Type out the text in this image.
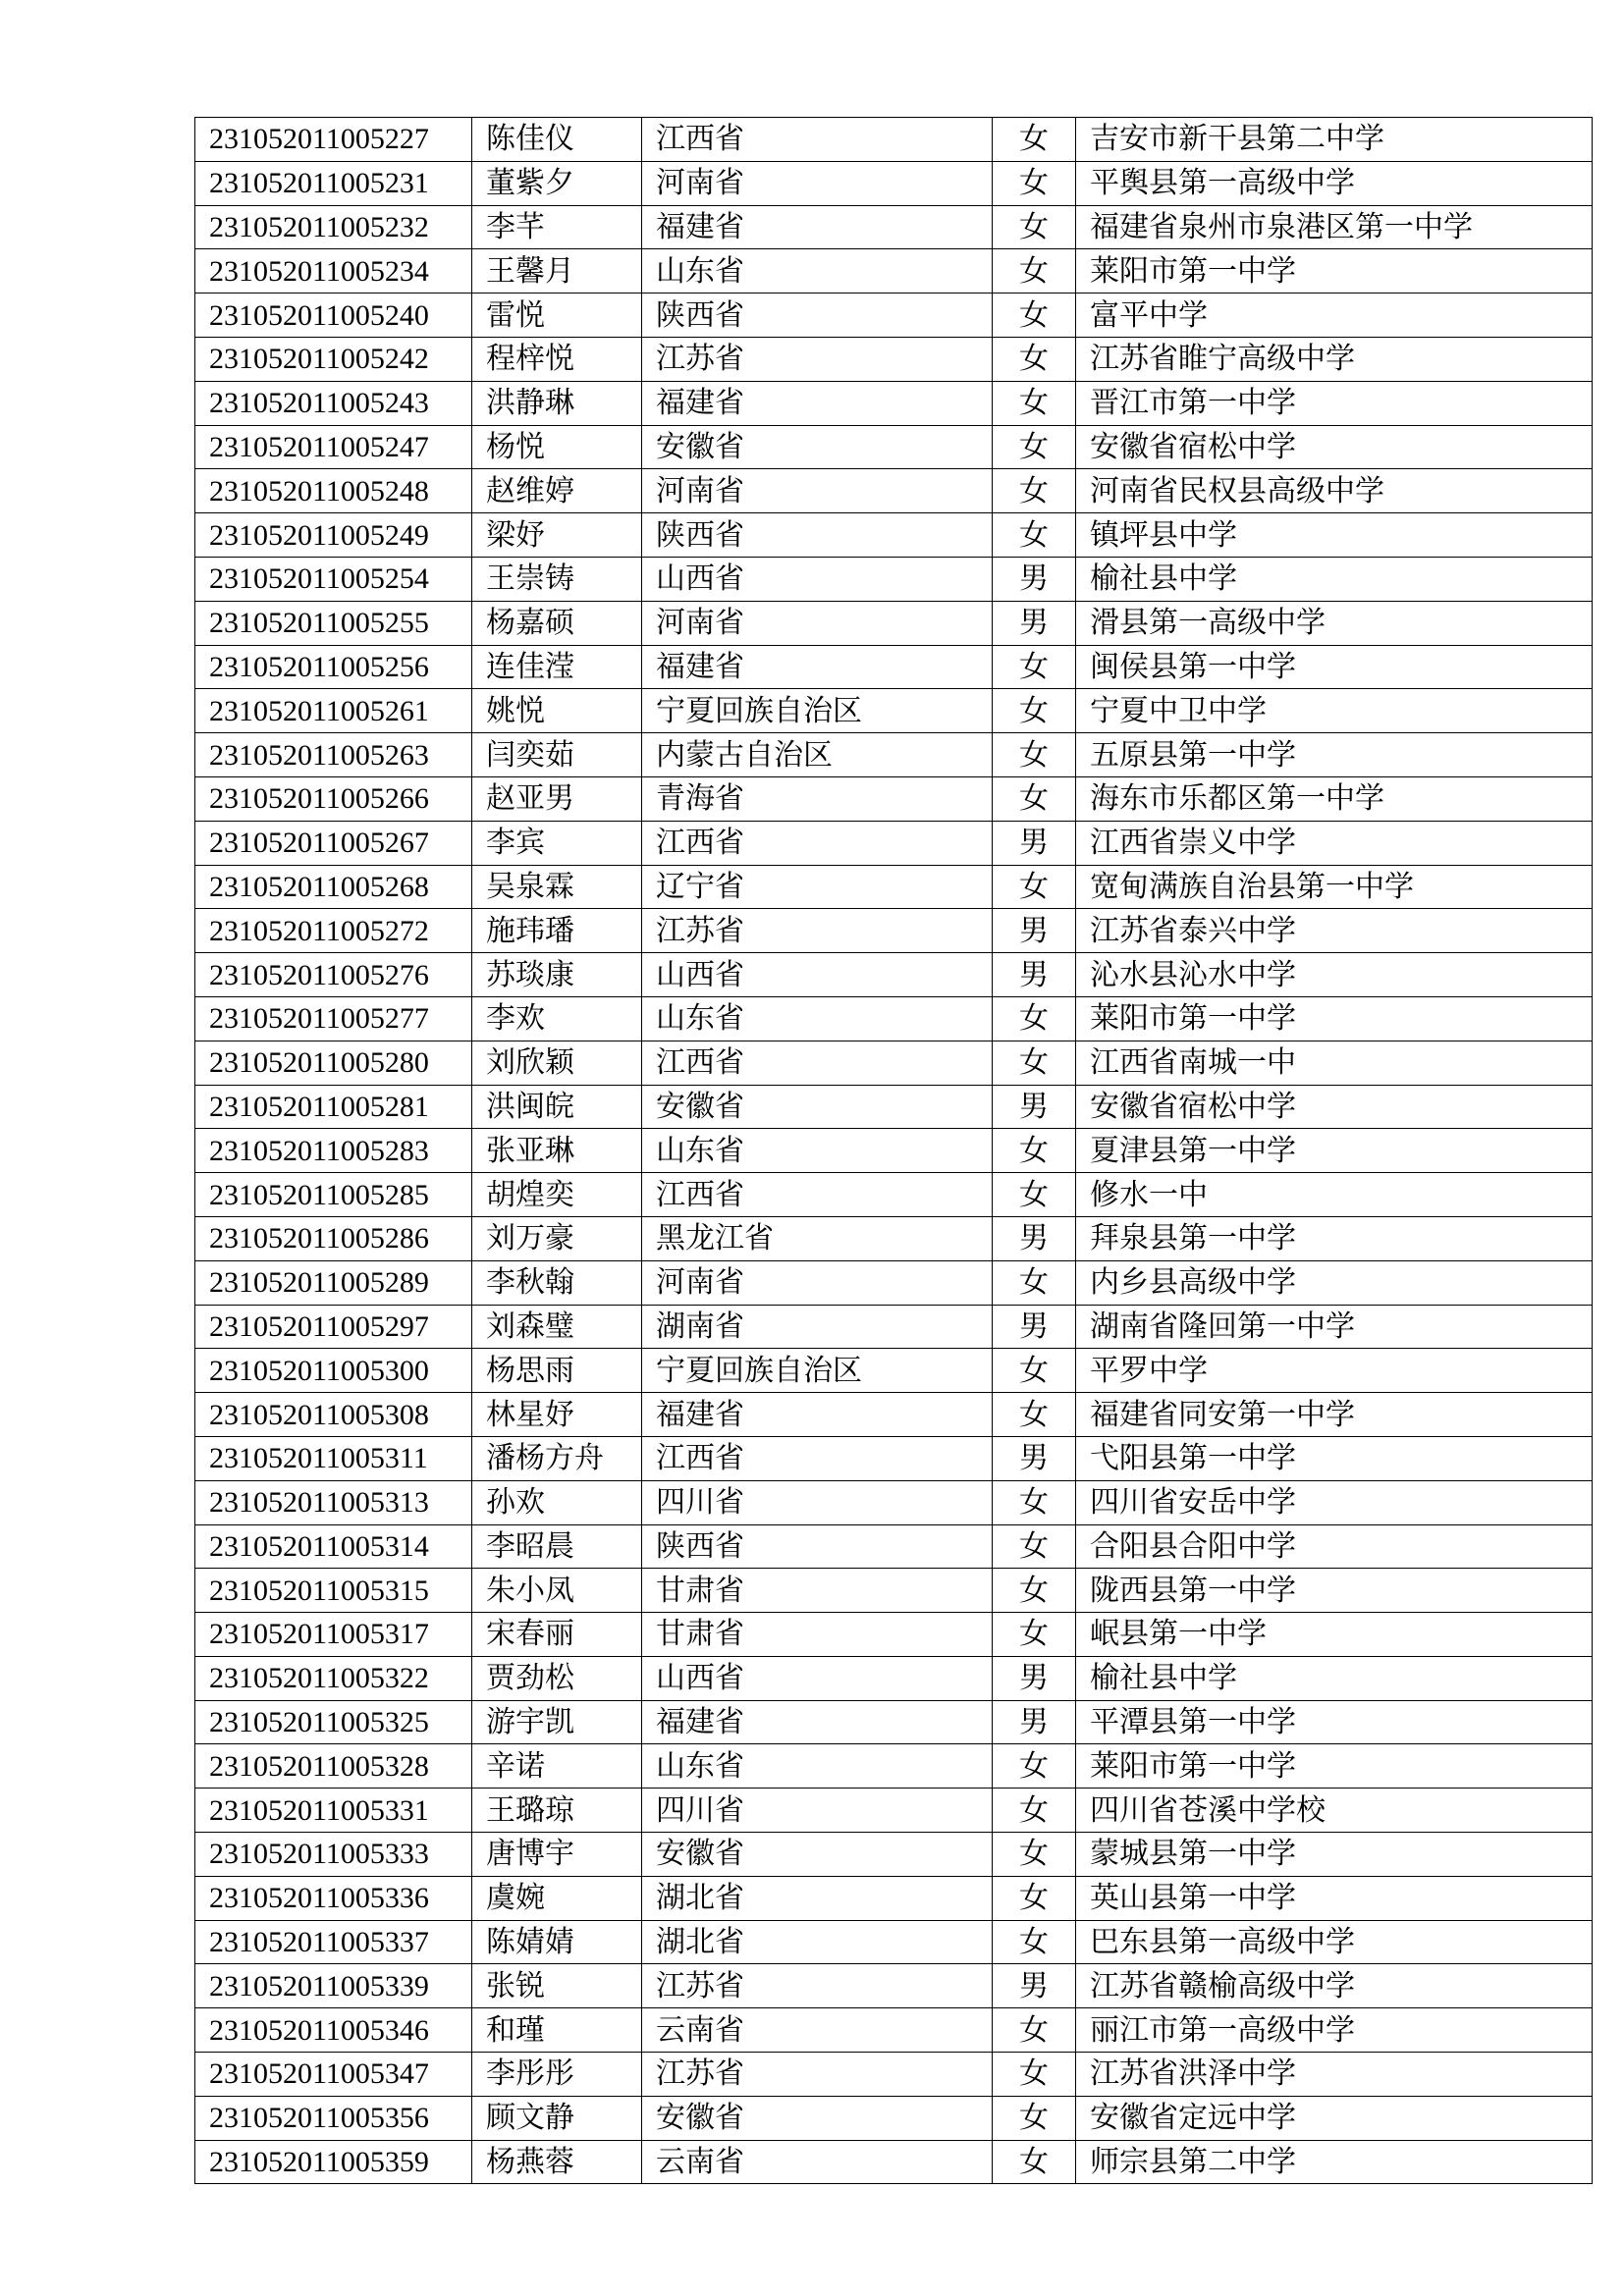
231052011005227	陈佳仪	江西省	女	吉安市新干县第二中学
231052011005231	董紫夕	河南省	女	平舆县第一高级中学
231052011005232	李芊	福建省	女	福建省泉州市泉港区第一中学
231052011005234	王馨月	山东省	女	莱阳市第一中学
231052011005240	雷悦	陕西省	女	富平中学
231052011005242	程梓悦	江苏省	女	江苏省睢宁高级中学
231052011005243	洪静琳	福建省	女	晋江市第一中学
231052011005247	杨悦	安徽省	女	安徽省宿松中学
231052011005248	赵维婷	河南省	女	河南省民权县高级中学
231052011005249	梁妤	陕西省	女	镇坪县中学
231052011005254	王崇铸	山西省	男	榆社县中学
231052011005255	杨嘉硕	河南省	男	滑县第一高级中学
231052011005256	连佳滢	福建省	女	闽侯县第一中学
231052011005261	姚悦	宁夏回族自治区	女	宁夏中卫中学
231052011005263	闫奕茹	内蒙古自治区	女	五原县第一中学
231052011005266	赵亚男	青海省	女	海东市乐都区第一中学
231052011005267	李宾	江西省	男	江西省崇义中学
231052011005268	吴泉霖	辽宁省	女	宽甸满族自治县第一中学
231052011005272	施玮璠	江苏省	男	江苏省泰兴中学
231052011005276	苏琰康	山西省	男	沁水县沁水中学
231052011005277	李欢	山东省	女	莱阳市第一中学
231052011005280	刘欣颖	江西省	女	江西省南城一中
231052011005281	洪闽皖	安徽省	男	安徽省宿松中学
231052011005283	张亚琳	山东省	女	夏津县第一中学
231052011005285	胡煌奕	江西省	女	修水一中
231052011005286	刘万豪	黑龙江省	男	拜泉县第一中学
231052011005289	李秋翰	河南省	女	内乡县高级中学
231052011005297	刘森璧	湖南省	男	湖南省隆回第一中学
231052011005300	杨思雨	宁夏回族自治区	女	平罗中学
231052011005308	林星妤	福建省	女	福建省同安第一中学
231052011005311	潘杨方舟	江西省	男	弋阳县第一中学
231052011005313	孙欢	四川省	女	四川省安岳中学
231052011005314	李昭晨	陕西省	女	合阳县合阳中学
231052011005315	朱小凤	甘肃省	女	陇西县第一中学
231052011005317	宋春丽	甘肃省	女	岷县第一中学
231052011005322	贾劲松	山西省	男	榆社县中学
231052011005325	游宇凯	福建省	男	平潭县第一中学
231052011005328	辛诺	山东省	女	莱阳市第一中学
231052011005331	王璐琼	四川省	女	四川省苍溪中学校
231052011005333	唐博宇	安徽省	女	蒙城县第一中学
231052011005336	虞婉	湖北省	女	英山县第一中学
231052011005337	陈婧婧	湖北省	女	巴东县第一高级中学
231052011005339	张锐	江苏省	男	江苏省赣榆高级中学
231052011005346	和瑾	云南省	女	丽江市第一高级中学
231052011005347	李彤彤	江苏省	女	江苏省洪泽中学
231052011005356	顾文静	安徽省	女	安徽省定远中学
231052011005359	杨燕蓉	云南省	女	师宗县第二中学
